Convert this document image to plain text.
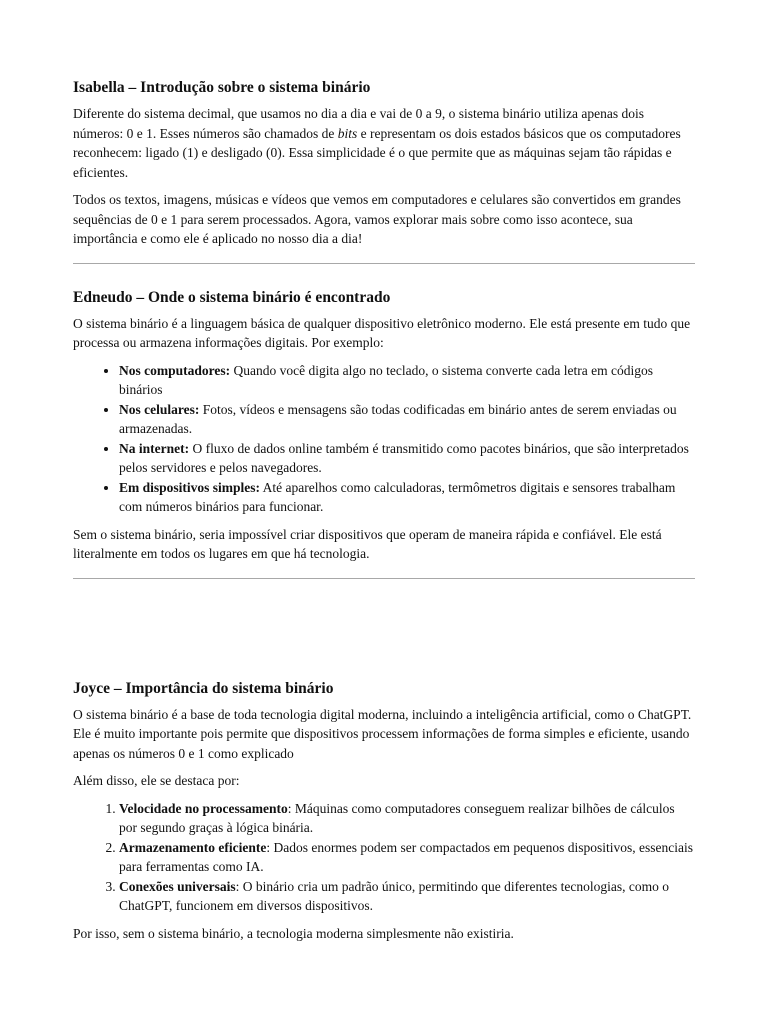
Isabella – Introdução sobre o sistema binário

Diferente do sistema decimal, que usamos no dia a dia e vai de 0 a 9, o sistema binário utiliza apenas dois números: 0 e 1. Esses números são chamados de bits e representam os dois estados básicos que os computadores reconhecem: ligado (1) e desligado (0). Essa simplicidade é o que permite que as máquinas sejam tão rápidas e eficientes.

Todos os textos, imagens, músicas e vídeos que vemos em computadores e celulares são convertidos em grandes sequências de 0 e 1 para serem processados. Agora, vamos explorar mais sobre como isso acontece, sua importância e como ele é aplicado no nosso dia a dia!

Edneudo – Onde o sistema binário é encontrado

O sistema binário é a linguagem básica de qualquer dispositivo eletrônico moderno. Ele está presente em tudo que processa ou armazena informações digitais. Por exemplo:

• Nos computadores: Quando você digita algo no teclado, o sistema converte cada letra em códigos binários
• Nos celulares: Fotos, vídeos e mensagens são todas codificadas em binário antes de serem enviadas ou armazenadas.
• Na internet: O fluxo de dados online também é transmitido como pacotes binários, que são interpretados pelos servidores e pelos navegadores.
• Em dispositivos simples: Até aparelhos como calculadoras, termômetros digitais e sensores trabalham com números binários para funcionar.

Sem o sistema binário, seria impossível criar dispositivos que operam de maneira rápida e confiável. Ele está literalmente em todos os lugares em que há tecnologia.

Joyce – Importância do sistema binário

O sistema binário é a base de toda tecnologia digital moderna, incluindo a inteligência artificial, como o ChatGPT. Ele é muito importante pois permite que dispositivos processem informações de forma simples e eficiente, usando apenas os números 0 e 1 como explicado

Além disso, ele se destaca por:

1. Velocidade no processamento: Máquinas como computadores conseguem realizar bilhões de cálculos por segundo graças à lógica binária.
2. Armazenamento eficiente: Dados enormes podem ser compactados em pequenos dispositivos, essenciais para ferramentas como IA.
3. Conexões universais: O binário cria um padrão único, permitindo que diferentes tecnologias, como o ChatGPT, funcionem em diversos dispositivos.

Por isso, sem o sistema binário, a tecnologia moderna simplesmente não existiria.
